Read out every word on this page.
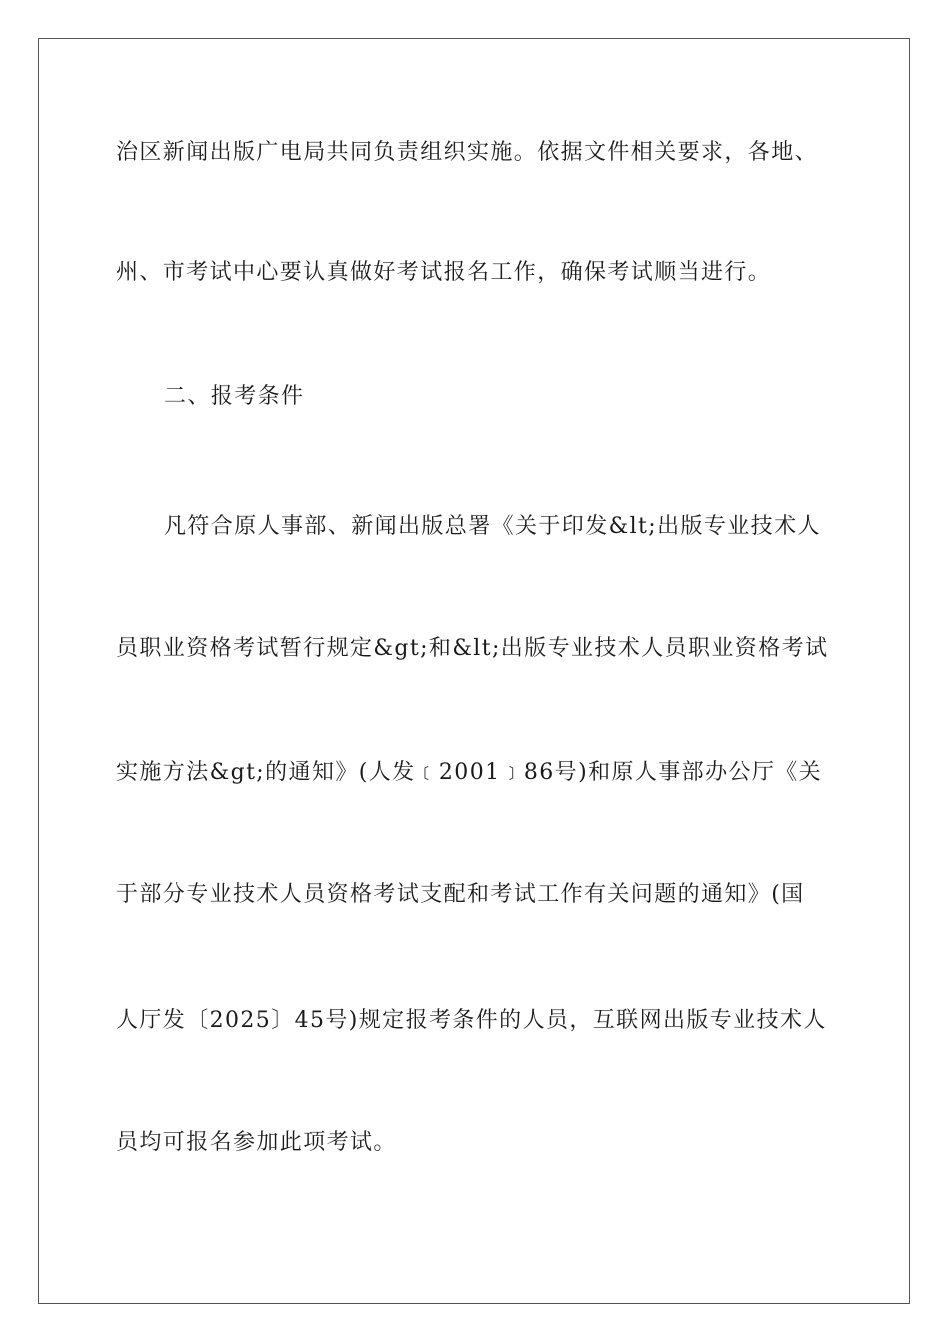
治区新闻出版广电局共同负责组织实施。依据文件相关要求，各地、
州、市考试中心要认真做好考试报名工作，确保考试顺当进行。
二、报考条件
凡符合原人事部、新闻出版总署《关于印发&lt;出版专业技术人
员职业资格考试暂行规定&gt;和&lt;出版专业技术人员职业资格考试
实施方法&gt;的通知》(人发﹝2001﹞86号)和原人事部办公厅《关
于部分专业技术人员资格考试支配和考试工作有关问题的通知》(国
人厅发〔2025〕45号)规定报考条件的人员，互联网出版专业技术人
员均可报名参加此项考试。
